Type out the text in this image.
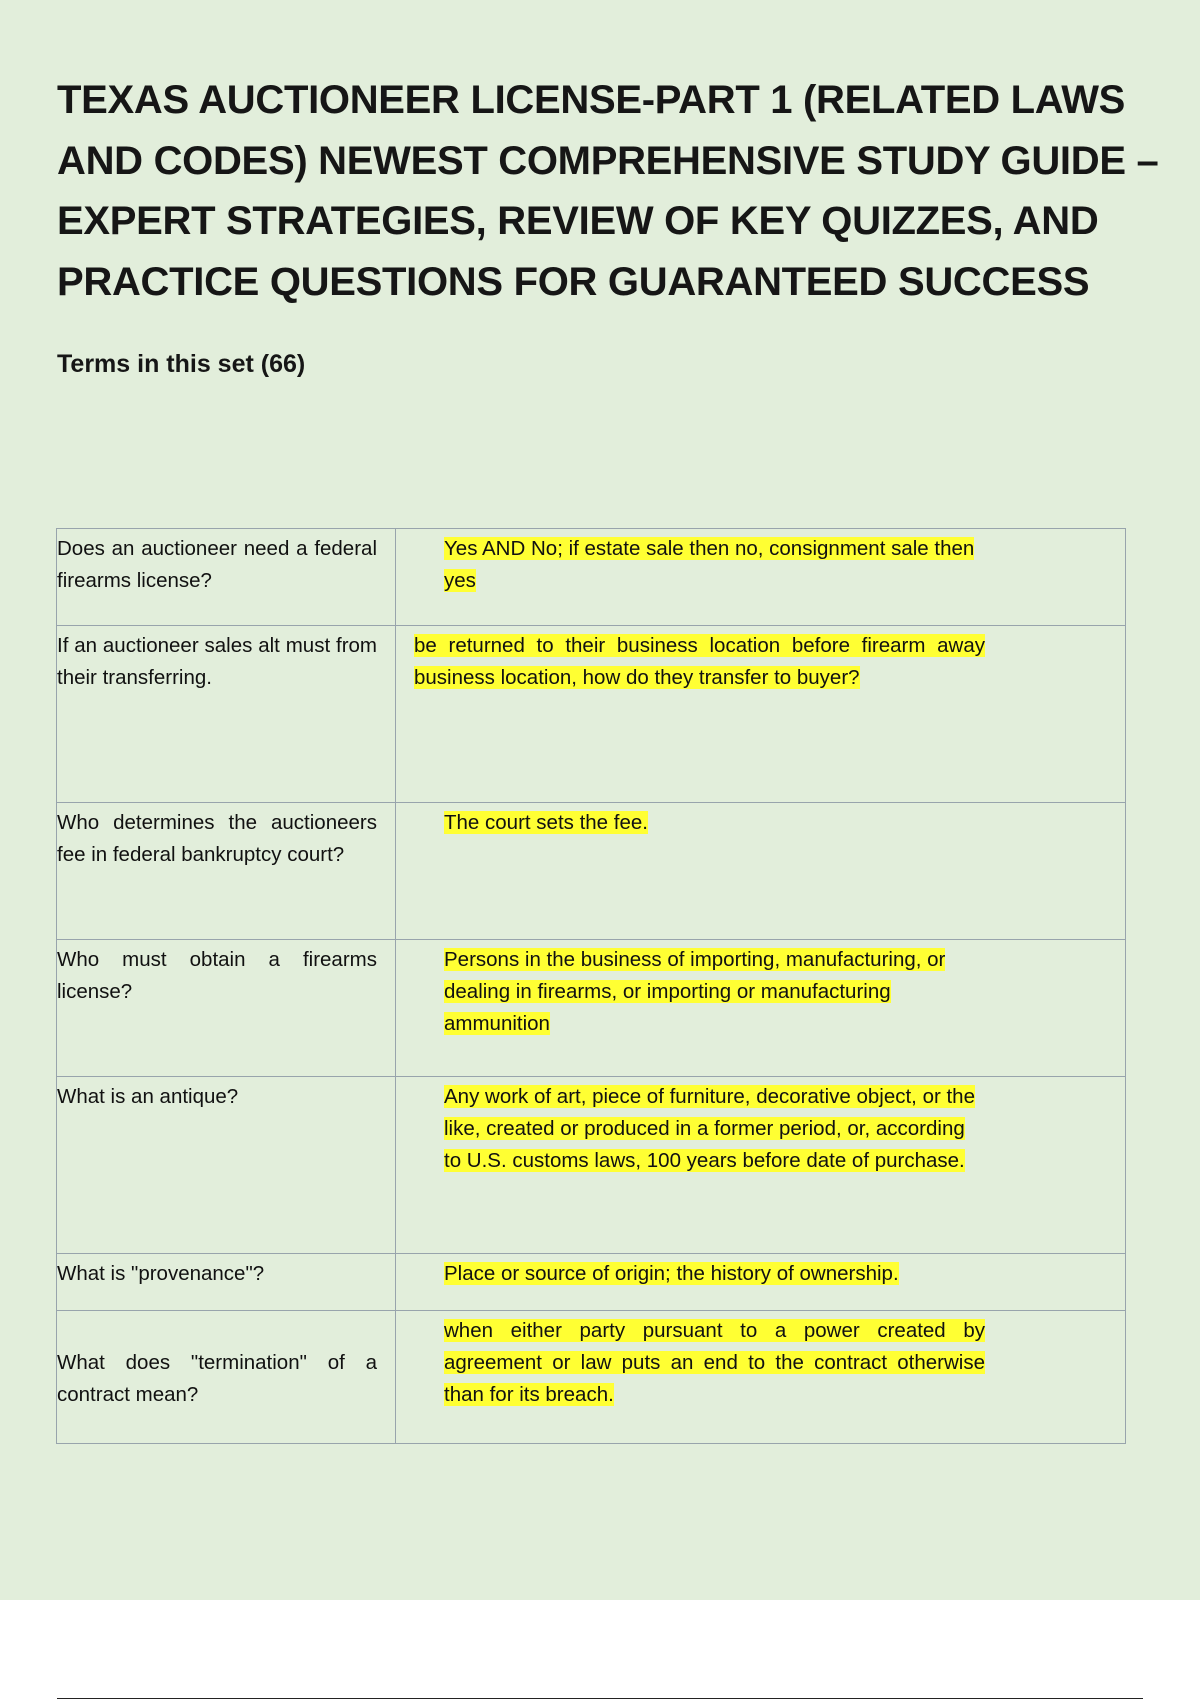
TEXAS AUCTIONEER LICENSE-PART 1 (RELATED LAWS AND CODES) NEWEST COMPREHENSIVE STUDY GUIDE – EXPERT STRATEGIES, REVIEW OF KEY QUIZZES, AND PRACTICE QUESTIONS FOR GUARANTEED SUCCESS
Terms in this set (66)
Does an auctioneer need a federal firearms license?	Yes AND No; if estate sale then no, consignment sale then yes
If an auctioneer sales alt must from their transferring.	be returned to their business location before firearm away business location, how do they transfer to buyer?
Who determines the auctioneers fee in federal bankruptcy court?	The court sets the fee.
Who must obtain a firearms license?	Persons in the business of importing, manufacturing, or dealing in firearms, or importing or manufacturing ammunition
What is an antique?	Any work of art, piece of furniture, decorative object, or the like, created or produced in a former period, or, according to U.S. customs laws, 100 years before date of purchase.
What is "provenance"?	Place or source of origin; the history of ownership.
What does "termination" of a contract mean?	when either party pursuant to a power created by agreement or law puts an end to the contract otherwise than for its breach.
